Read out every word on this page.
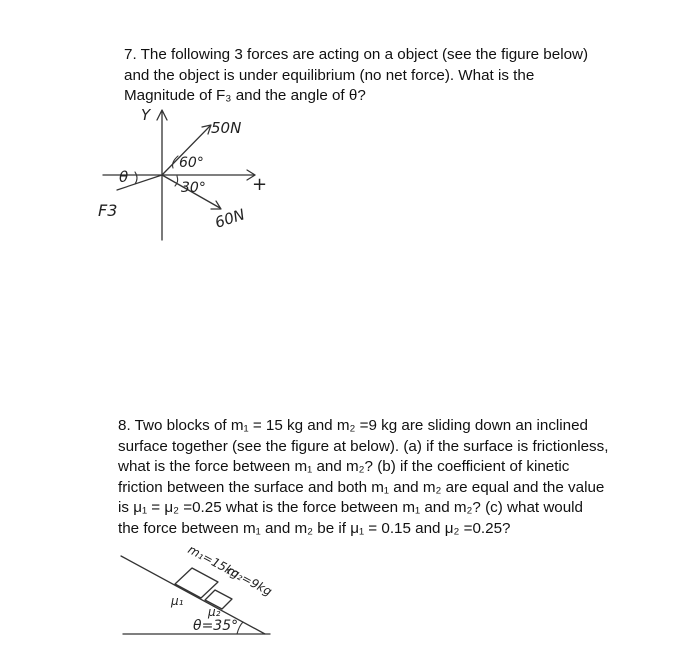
7. The following 3 forces are acting on a object (see the figure below)
and the object is under equilibrium (no net force). What is the
Magnitude of F₃ and the angle of θ?
Y
+
50N
60N
F3
60°
30°
θ
8. Two blocks of m₁ = 15 kg and m₂ =9 kg are sliding down an inclined
surface together (see the figure at below). (a) if the surface is frictionless,
what is the force between m₁ and m₂? (b) if the coefficient of kinetic
friction between the surface and both m₁ and m₂ are equal and the value
is μ₁ = μ₂ =0.25 what is the force between m₁ and m₂? (c) what would
the force between m₁ and m₂ be if μ₁ = 0.15 and μ₂ =0.25?
m₁=15kg
m₂=9kg
μ₁
μ₂
θ=35°
